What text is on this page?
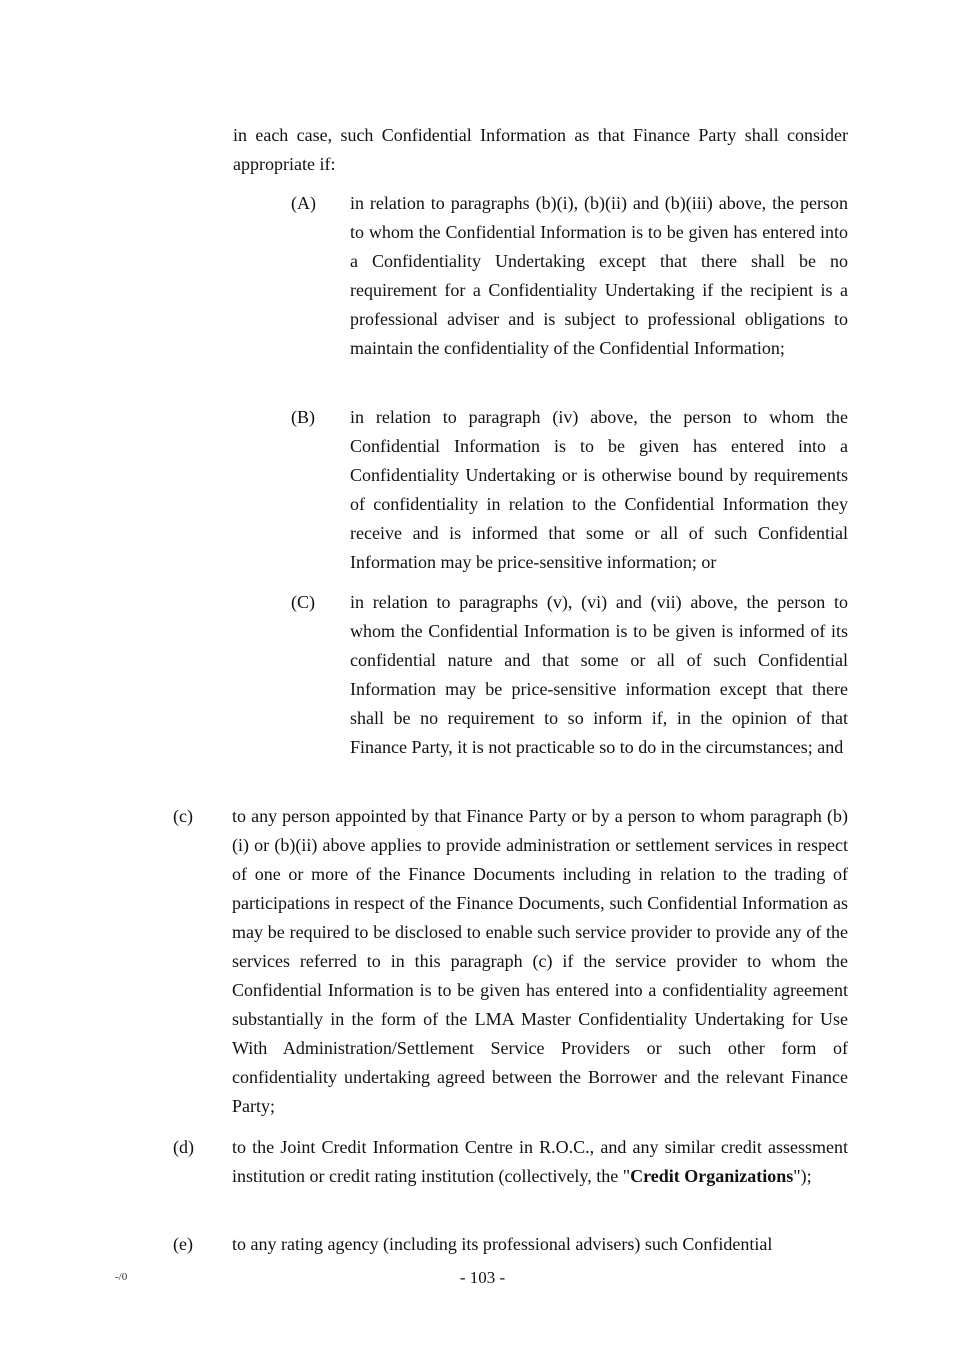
in each case, such Confidential Information as that Finance Party shall consider appropriate if:

(A) in relation to paragraphs (b)(i), (b)(ii) and (b)(iii) above, the person to whom the Confidential Information is to be given has entered into a Confidentiality Undertaking except that there shall be no requirement for a Confidentiality Undertaking if the recipient is a professional adviser and is subject to professional obligations to maintain the confidentiality of the Confidential Information;
(B) in relation to paragraph (iv) above, the person to whom the Confidential Information is to be given has entered into a Confidentiality Undertaking or is otherwise bound by requirements of confidentiality in relation to the Confidential Information they receive and is informed that some or all of such Confidential Information may be price-sensitive information; or
(C) in relation to paragraphs (v), (vi) and (vii) above, the person to whom the Confidential Information is to be given is informed of its confidential nature and that some or all of such Confidential Information may be price-sensitive information except that there shall be no requirement to so inform if, in the opinion of that Finance Party, it is not practicable so to do in the circumstances; and
(c) to any person appointed by that Finance Party or by a person to whom paragraph (b)(i) or (b)(ii) above applies to provide administration or settlement services in respect of one or more of the Finance Documents including in relation to the trading of participations in respect of the Finance Documents, such Confidential Information as may be required to be disclosed to enable such service provider to provide any of the services referred to in this paragraph (c) if the service provider to whom the Confidential Information is to be given has entered into a confidentiality agreement substantially in the form of the LMA Master Confidentiality Undertaking for Use With Administration/Settlement Service Providers or such other form of confidentiality undertaking agreed between the Borrower and the relevant Finance Party;
(d) to the Joint Credit Information Centre in R.O.C., and any similar credit assessment institution or credit rating institution (collectively, the "Credit Organizations");
(e) to any rating agency (including its professional advisers) such Confidential
-/0	- 103 -
